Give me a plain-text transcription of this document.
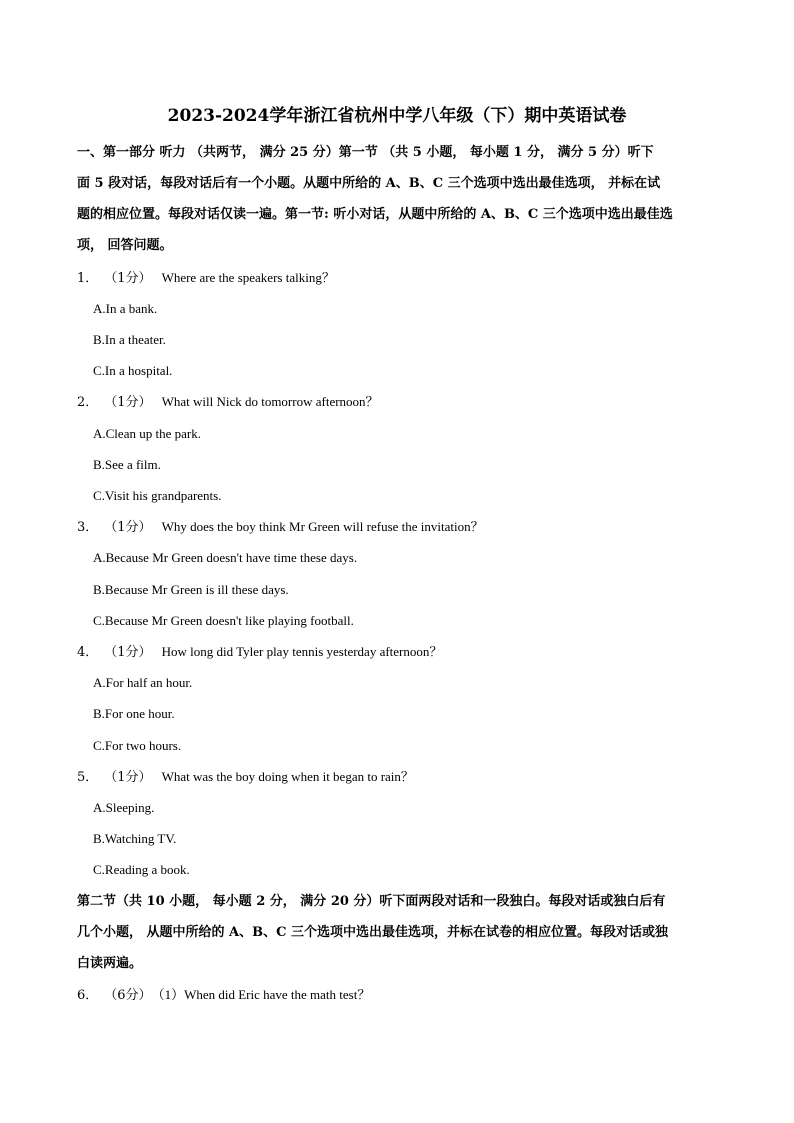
2023-2024学年浙江省杭州中学八年级（下）期中英语试卷
一、第一部分 听力 （共两节， 满分 25 分）第一节 （共 5 小题， 每小题 1 分， 满分 5 分）听下
面 5 段对话，每段对话后有一个小题。从题中所给的 A、B、C 三个选项中选出最佳选项， 并标在试
题的相应位置。每段对话仅读一遍。第一节: 听小对话，从题中所给的 A、B、C 三个选项中选出最佳选
项， 回答问题。
1． （1分） Where are the speakers talking？
A.In a bank.
B.In a theater.
C.In a hospital.
2． （1分） What will Nick do tomorrow afternoon？
A.Clean up the park.
B.See a film.
C.Visit his grandparents.
3． （1分） Why does the boy think Mr Green will refuse the invitation？
A.Because Mr Green doesn't have time these days.
B.Because Mr Green is ill these days.
C.Because Mr Green doesn't like playing football.
4． （1分） How long did Tyler play tennis yesterday afternoon？
A.For half an hour.
B.For one hour.
C.For two hours.
5． （1分） What was the boy doing when it began to rain？
A.Sleeping.
B.Watching TV.
C.Reading a book.
第二节（共 10 小题， 每小题 2 分， 满分 20 分）听下面两段对话和一段独白。每段对话或独白后有
几个小题， 从题中所给的 A、B、C 三个选项中选出最佳选项，并标在试卷的相应位置。每段对话或独
白读两遍。
6． （6分）（1）When did Eric have the math test？
